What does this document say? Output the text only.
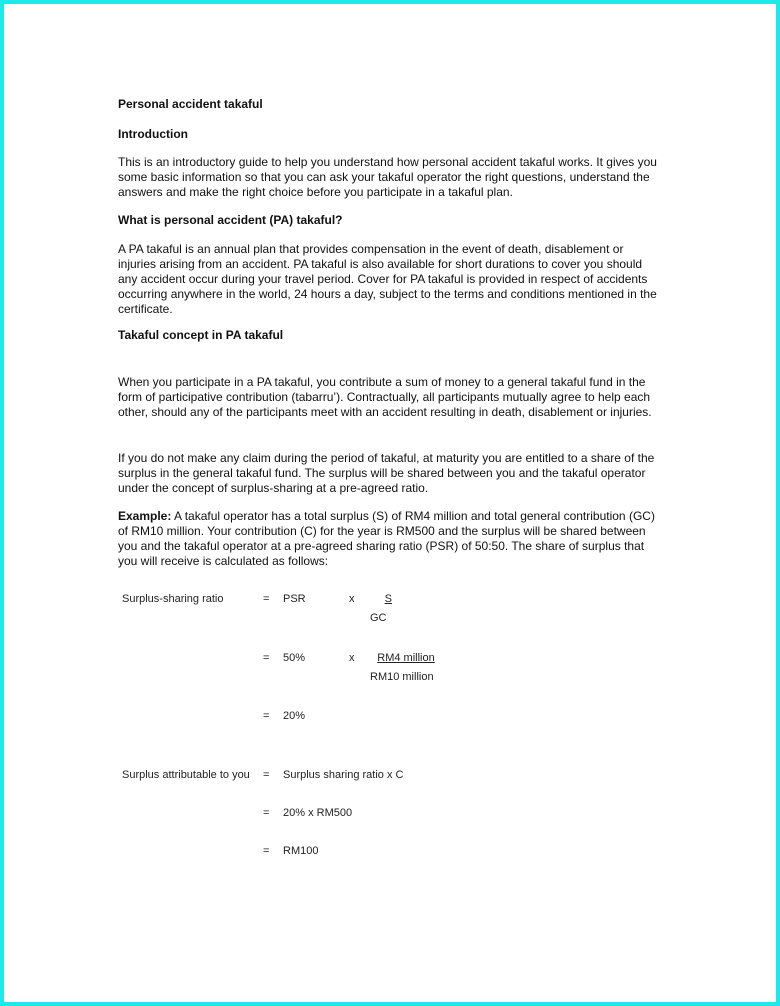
Personal accident takaful
Introduction
This is an introductory guide to help you understand how personal accident takaful works. It gives you some basic information so that you can ask your takaful operator the right questions, understand the answers and make the right choice before you participate in a takaful plan.
What is personal accident (PA) takaful?
A PA takaful is an annual plan that provides compensation in the event of death, disablement or injuries arising from an accident. PA takaful is also available for short durations to cover you should any accident occur during your travel period. Cover for PA takaful is provided in respect of accidents occurring anywhere in the world, 24 hours a day, subject to the terms and conditions mentioned in the certificate.
Takaful concept in PA takaful
When you participate in a PA takaful, you contribute a sum of money to a general takaful fund in the form of participative contribution (tabarru’). Contractually, all participants mutually agree to help each other, should any of the participants meet with an accident resulting in death, disablement or injuries.
If you do not make any claim during the period of takaful, at maturity you are entitled to a share of the surplus in the general takaful fund. The surplus will be shared between you and the takaful operator under the concept of surplus-sharing at a pre-agreed ratio.
Example: A takaful operator has a total surplus (S) of RM4 million and total general contribution (GC) of RM10 million. Your contribution (C) for the year is RM500 and the surplus will be shared between you and the takaful operator at a pre-agreed sharing ratio (PSR) of 50:50. The share of surplus that you will receive is calculated as follows:
Surplus-sharing ratio	= PSR	x	S
GC
= 50%	x	RM4 million
RM10 million
= 20%
Surplus attributable to you = Surplus sharing ratio x C
= 20% x RM500
= RM100
